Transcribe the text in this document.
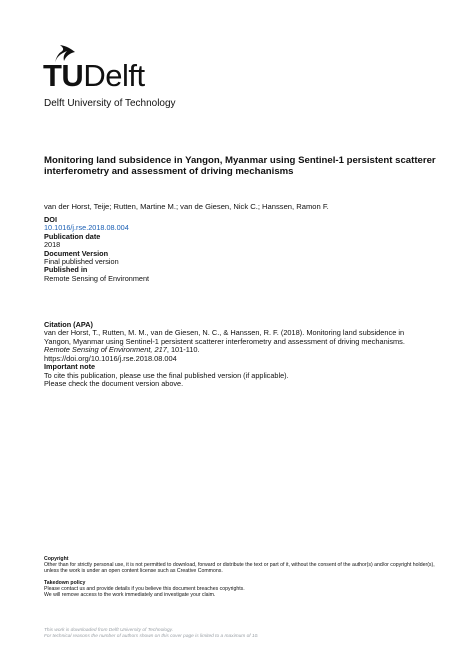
TUDelft
Delft University of Technology
Monitoring land subsidence in Yangon, Myanmar using Sentinel-1 persistent scatterer interferometry and assessment of driving mechanisms
van der Horst, Teije; Rutten, Martine M.; van de Giesen, Nick C.; Hanssen, Ramon F.
DOI
10.1016/j.rse.2018.08.004
Publication date
2018
Document Version
Final published version
Published in
Remote Sensing of Environment
Citation (APA)
van der Horst, T., Rutten, M. M., van de Giesen, N. C., & Hanssen, R. F. (2018). Monitoring land subsidence in Yangon, Myanmar using Sentinel-1 persistent scatterer interferometry and assessment of driving mechanisms. Remote Sensing of Environment, 217, 101-110.
https://doi.org/10.1016/j.rse.2018.08.004
Important note
To cite this publication, please use the final published version (if applicable).
Please check the document version above.
Copyright
Other than for strictly personal use, it is not permitted to download, forward or distribute the text or part of it, without the consent of the author(s) and/or copyright holder(s), unless the work is under an open content license such as Creative Commons.
Takedown policy
Please contact us and provide details if you believe this document breaches copyrights.
We will remove access to the work immediately and investigate your claim.
This work is downloaded from Delft University of Technology.
For technical reasons the number of authors shown on this cover page is limited to a maximum of 10.
